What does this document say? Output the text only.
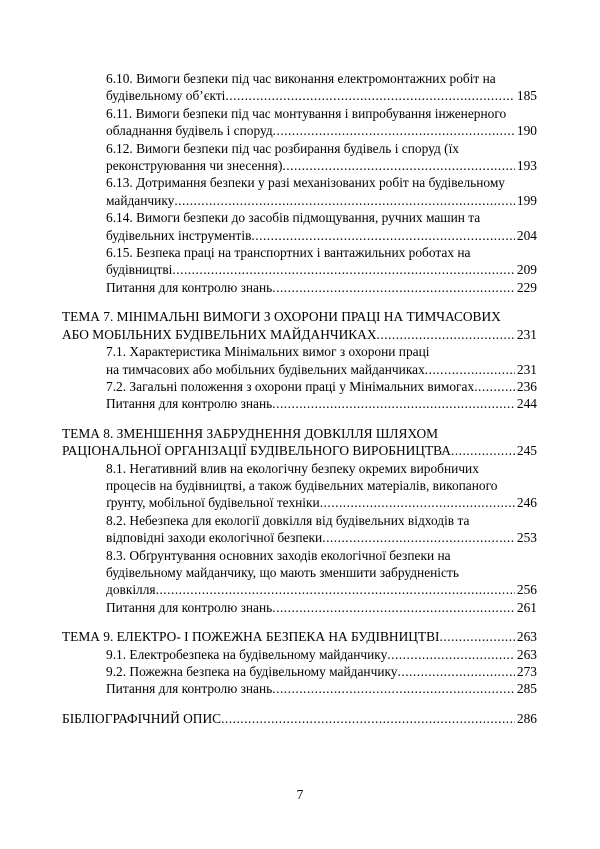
6.10. Вимоги безпеки під час виконання електромонтажних робіт на
будівельному об’єкті .....	185
6.11. Вимоги безпеки під час монтування і випробування інженерного
обладнання будівель і споруд .....	190
6.12. Вимоги безпеки під час розбирання будівель і споруд (їх
реконструювання чи знесення) .....	193
6.13. Дотримання безпеки у разі механізованих робіт на будівельному
майданчику .....	199
6.14. Вимоги безпеки до засобів підмощування, ручних машин та
будівельних інструментів .....	204
6.15. Безпека праці на транспортних і вантажильних роботах на
будівництві .....	209
Питання для контролю знань .....	229
ТЕМА 7. МІНІМАЛЬНІ ВИМОГИ З ОХОРОНИ ПРАЦІ НА ТИМЧАСОВИХ
АБО МОБІЛЬНИХ БУДІВЕЛЬНИХ МАЙДАНЧИКАХ .....	231
7.1. Характеристика Мінімальних вимог з охорони праці
на тимчасових або мобільних будівельних майданчиках .....	231
7.2. Загальні положення з охорони праці у Мінімальних вимогах .....	236
Питання для контролю знань .....	244
ТЕМА 8. ЗМЕНШЕННЯ ЗАБРУДНЕННЯ ДОВКІЛЛЯ ШЛЯХОМ
РАЦІОНАЛЬНОЇ ОРГАНІЗАЦІЇ БУДІВЕЛЬНОГО ВИРОБНИЦТВА .....	245
8.1. Негативний влив на екологічну безпеку окремих виробничих
процесів на будівництві, а також будівельних матеріалів, викопаного
ґрунту, мобільної будівельної техніки .....	246
8.2. Небезпека для екології довкілля від будівельних відходів та
відповідні заходи екологічної безпеки .....	253
8.3. Обґрунтування основних заходів екологічної безпеки на
будівельному майданчику, що мають зменшити забрудненість
довкілля .....	256
Питання для контролю знань .....	261
ТЕМА 9. ЕЛЕКТРО- І ПОЖЕЖНА БЕЗПЕКА НА БУДІВНИЦТВІ .....	263
9.1. Електробезпека на будівельному майданчику .....	263
9.2. Пожежна безпека на будівельному майданчику .....	273
Питання для контролю знань .....	285
БІБЛІОГРАФІЧНИЙ ОПИС .....	286
7
